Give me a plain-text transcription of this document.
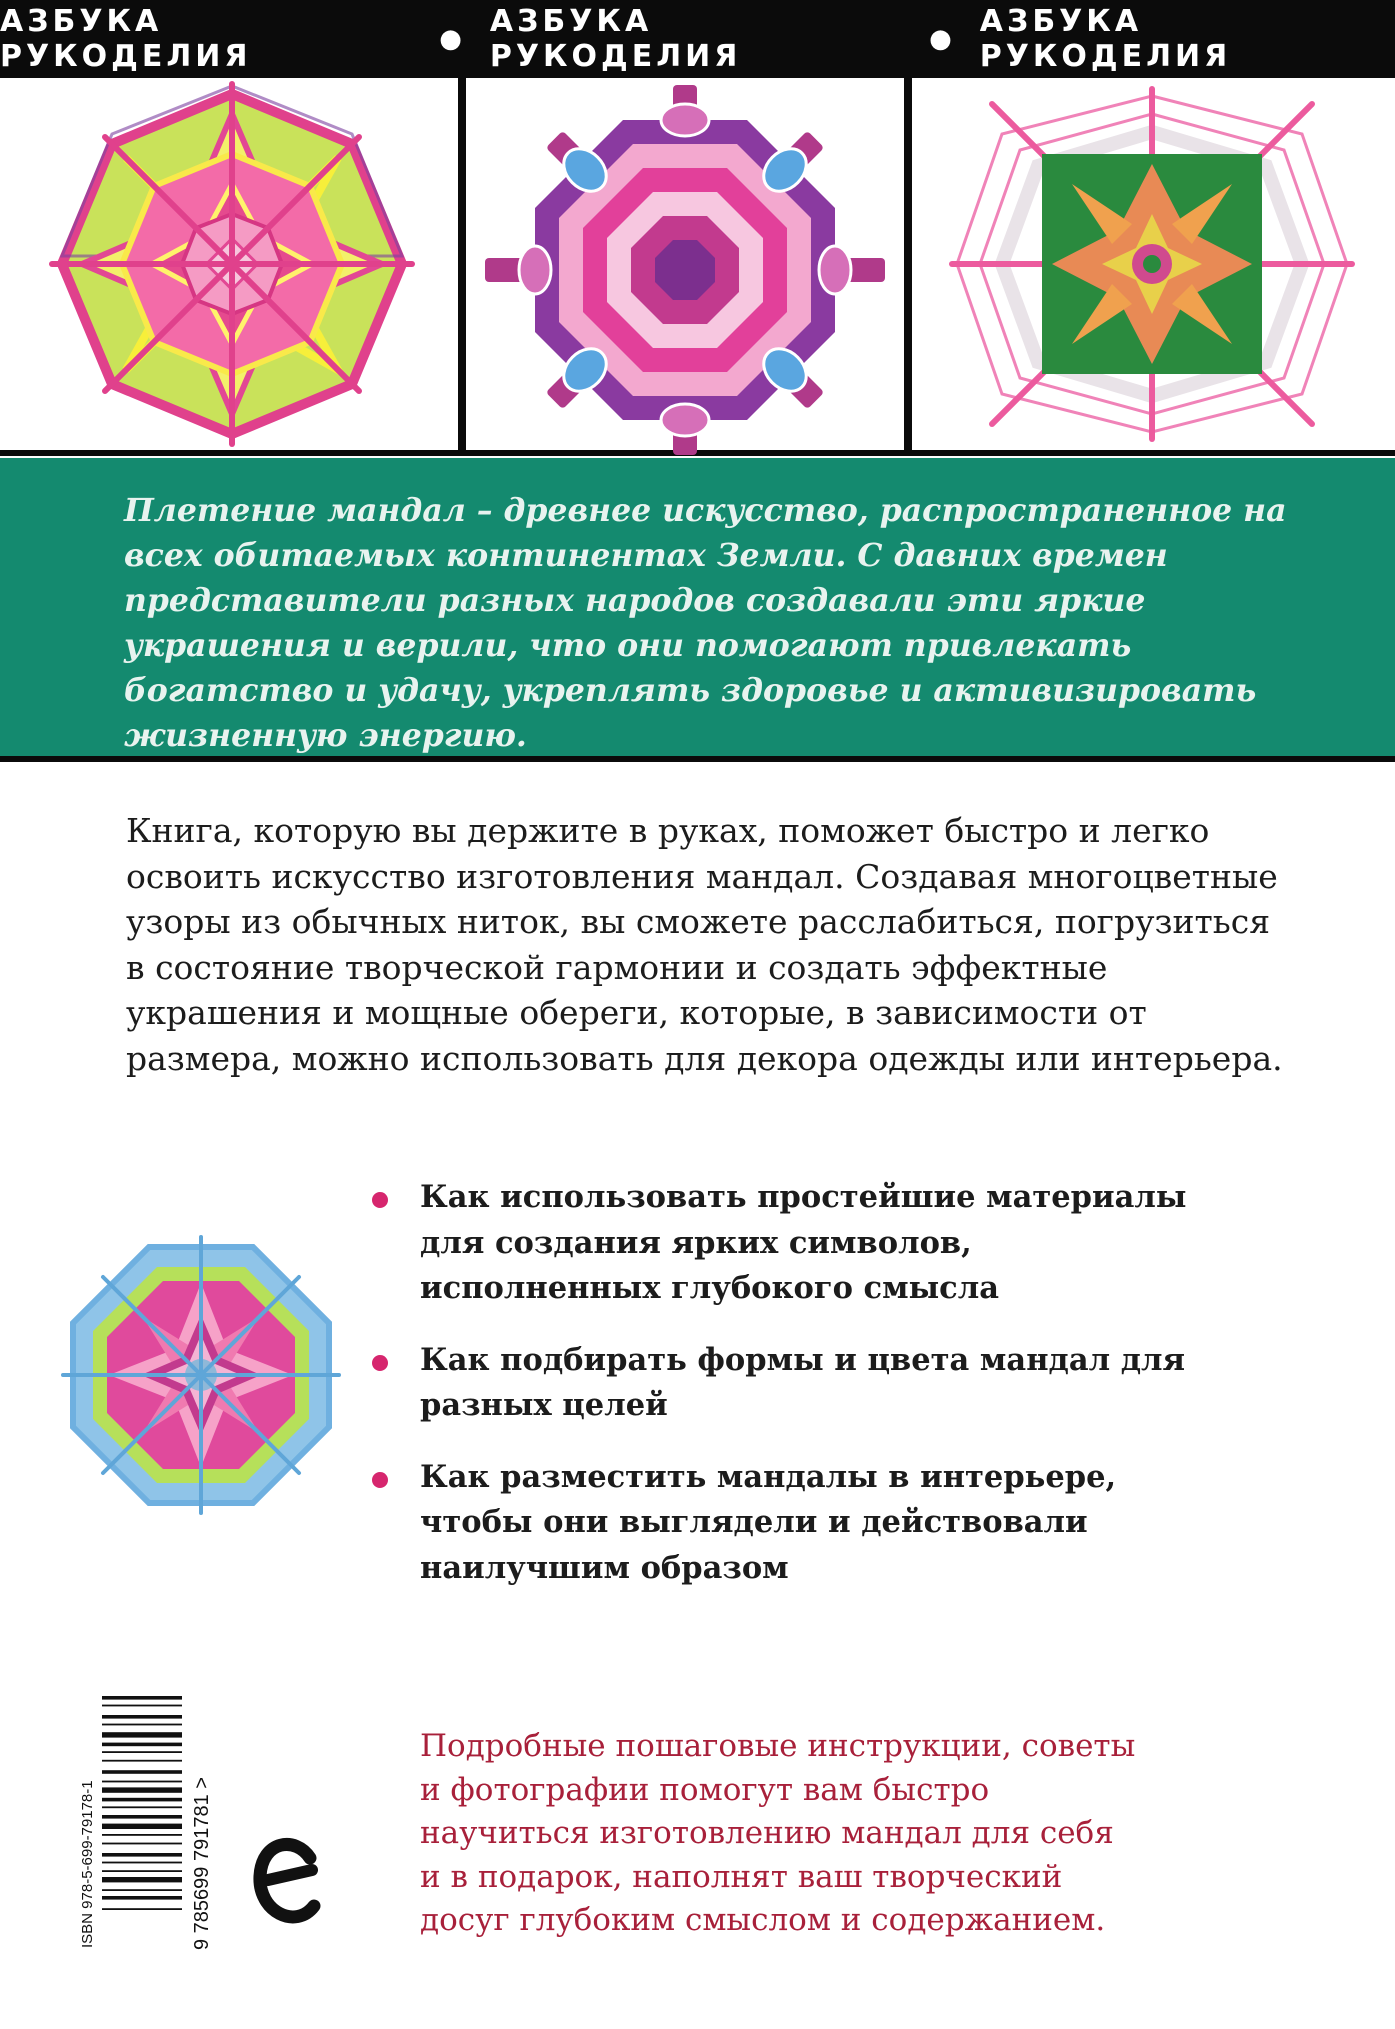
АЗБУКА РУКОДЕЛИЯ	● АЗБУКА РУКОДЕЛИЯ	● АЗБУКА РУКОДЕЛИЯ

Плетение мандал – древнее искусство, распространенное на всех обитаемых континентах Земли. С давних времен представители разных народов создавали эти яркие украшения и верили, что они помогают привлекать богатство и удачу, укреплять здоровье и активизировать жизненную энергию.

Книга, которую вы держите в руках, поможет быстро и легко освоить искусство изготовления мандал. Создавая многоцветные узоры из обычных ниток, вы сможете расслабиться, погрузиться в состояние творческой гармонии и создать эффектные украшения и мощные обереги, которые, в зависимости от размера, можно использовать для декора одежды или интерьера.

Как использовать простейшие материалы для создания ярких символов, исполненных глубокого смысла
Как подбирать формы и цвета мандал для разных целей
Как разместить мандалы в интерьере, чтобы они выглядели и действовали наилучшим образом
ISBN 978-5-699-79178-1	9 785699 791781 >

Подробные пошаговые инструкции, советы и фотографии помогут вам быстро научиться изготовлению мандал для себя и в подарок, наполнят ваш творческий досуг глубоким смыслом и содержанием.
